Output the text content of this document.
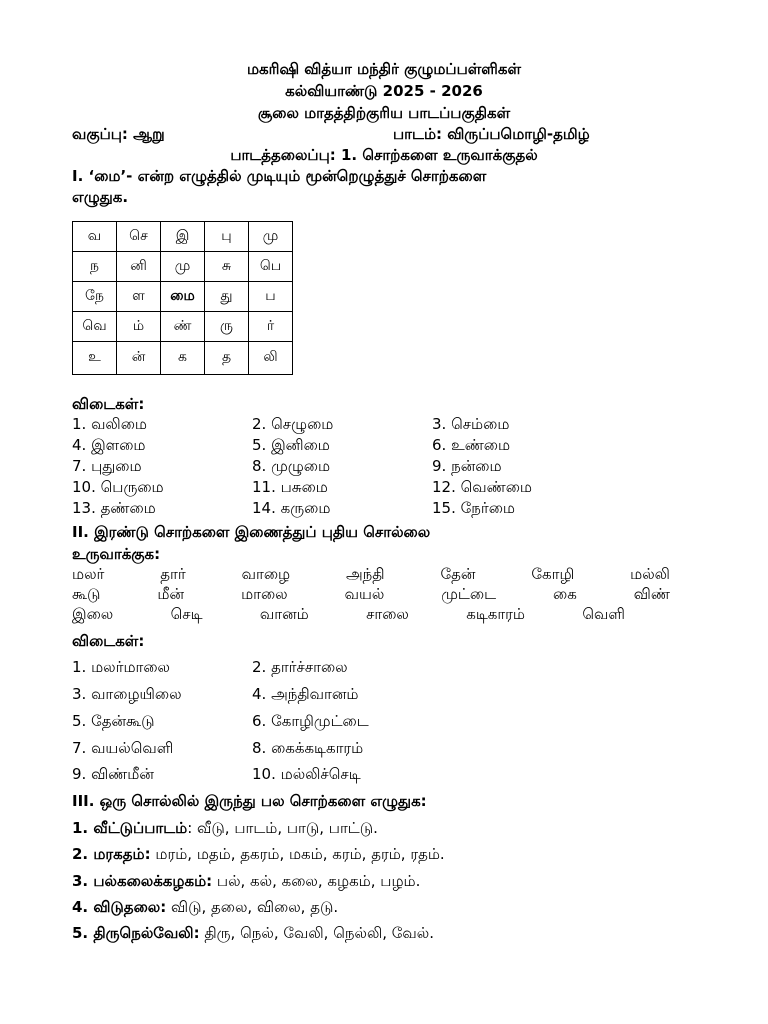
மகரிஷி வித்யா மந்திர் குழுமப்பள்ளிகள்
கல்வியாண்டு 2025 - 2026
சூலை மாதத்திற்குரிய பாடப்பகுதிகள்
வகுப்பு: ஆறு	பாடம்: விருப்பமொழி-தமிழ்
பாடத்தலைப்பு: 1. சொற்களை உருவாக்குதல்
I. ‘மை’- என்ற எழுத்தில் முடியும் மூன்றெழுத்துச் சொற்களை
எழுதுக.
வ	செ	இ	பு	மு
ந	னி	மு	சு	பெ
நே	ள	மை	து	ப
வெ	ம்	ண்	ரு	ர்
உ	ன்	க	த	லி
விடைகள்:
1. வலிமை	2. செழுமை	3. செம்மை
4. இளமை	5. இனிமை	6. உண்மை
7. புதுமை	8. முழுமை	9. நன்மை
10. பெருமை	11. பசுமை	12. வெண்மை
13. தண்மை	14. கருமை	15. நேர்மை
II. இரண்டு சொற்களை இணைத்துப் புதிய சொல்லை
உருவாக்குக:
மலர்	தார்	வாழை	அந்தி	தேன்	கோழி	மல்லி
கூடு	மீன்	மாலை	வயல்	முட்டை	கை	விண்
இலை	செடி	வானம்	சாலை	கடிகாரம்	வெளி
விடைகள்:
1. மலர்மாலை	2. தார்ச்சாலை
3. வாழையிலை	4. அந்திவானம்
5. தேன்கூடு	6. கோழிமுட்டை
7. வயல்வெளி	8. கைக்கடிகாரம்
9. விண்மீன்	10. மல்லிச்செடி
III. ஒரு சொல்லில் இருந்து பல சொற்களை எழுதுக:
1. வீட்டுப்பாடம்: வீடு, பாடம், பாடு, பாட்டு.
2. மரகதம்: மரம், மதம், தகரம், மகம், கரம், தரம், ரதம்.
3. பல்கலைக்கழகம்: பல், கல், கலை, கழகம், பழம்.
4. விடுதலை: விடு, தலை, விலை, தடு.
5. திருநெல்வேலி: திரு, நெல், வேலி, நெல்லி, வேல்.
